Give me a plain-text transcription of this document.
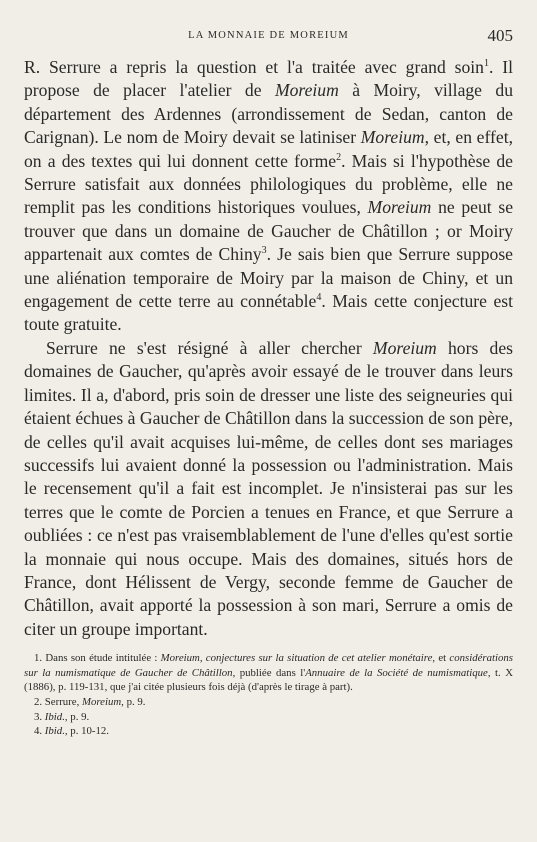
LA MONNAIE DE MOREIUM	405

R. Serrure a repris la question et l'a traitée avec grand soin$^1$. Il propose de placer l'atelier de Moreium à Moiry, village du département des Ardennes (arrondissement de Sedan, canton de Carignan). Le nom de Moiry devait se latiniser Moreium, et, en effet, on a des textes qui lui donnent cette forme$^2$. Mais si l'hypothèse de Serrure satisfait aux données philologiques du problème, elle ne remplit pas les conditions historiques voulues, Moreium ne peut se trouver que dans un domaine de Gaucher de Châtillon ; or Moiry appartenait aux comtes de Chiny$^3$. Je sais bien que Serrure suppose une aliénation temporaire de Moiry par la maison de Chiny, et un engagement de cette terre au connétable$^4$. Mais cette conjecture est toute gratuite.

Serrure ne s'est résigné à aller chercher Moreium hors des domaines de Gaucher, qu'après avoir essayé de le trouver dans leurs limites. Il a, d'abord, pris soin de dresser une liste des seigneuries qui étaient échues à Gaucher de Châtillon dans la succession de son père, de celles qu'il avait acquises lui-même, de celles dont ses mariages successifs lui avaient donné la possession ou l'administration. Mais le recensement qu'il a fait est incomplet. Je n'insisterai pas sur les terres que le comte de Porcien a tenues en France, et que Serrure a oubliées : ce n'est pas vraisemblablement de l'une d'elles qu'est sortie la monnaie qui nous occupe. Mais des domaines, situés hors de France, dont Hélissent de Vergy, seconde femme de Gaucher de Châtillon, avait apporté la possession à son mari, Serrure a omis de citer un groupe important.

1. Dans son étude intitulée : Moreium, conjectures sur la situation de cet atelier monétaire, et considérations sur la numismatique de Gaucher de Châtillon, publiée dans l'Annuaire de la Société de numismatique, t. X (1886), p. 119-131, que j'ai citée plusieurs fois déjà (d'après le tirage à part).
2. Serrure, Moreium, p. 9.
3. Ibid., p. 9.
4. Ibid., p. 10-12.
